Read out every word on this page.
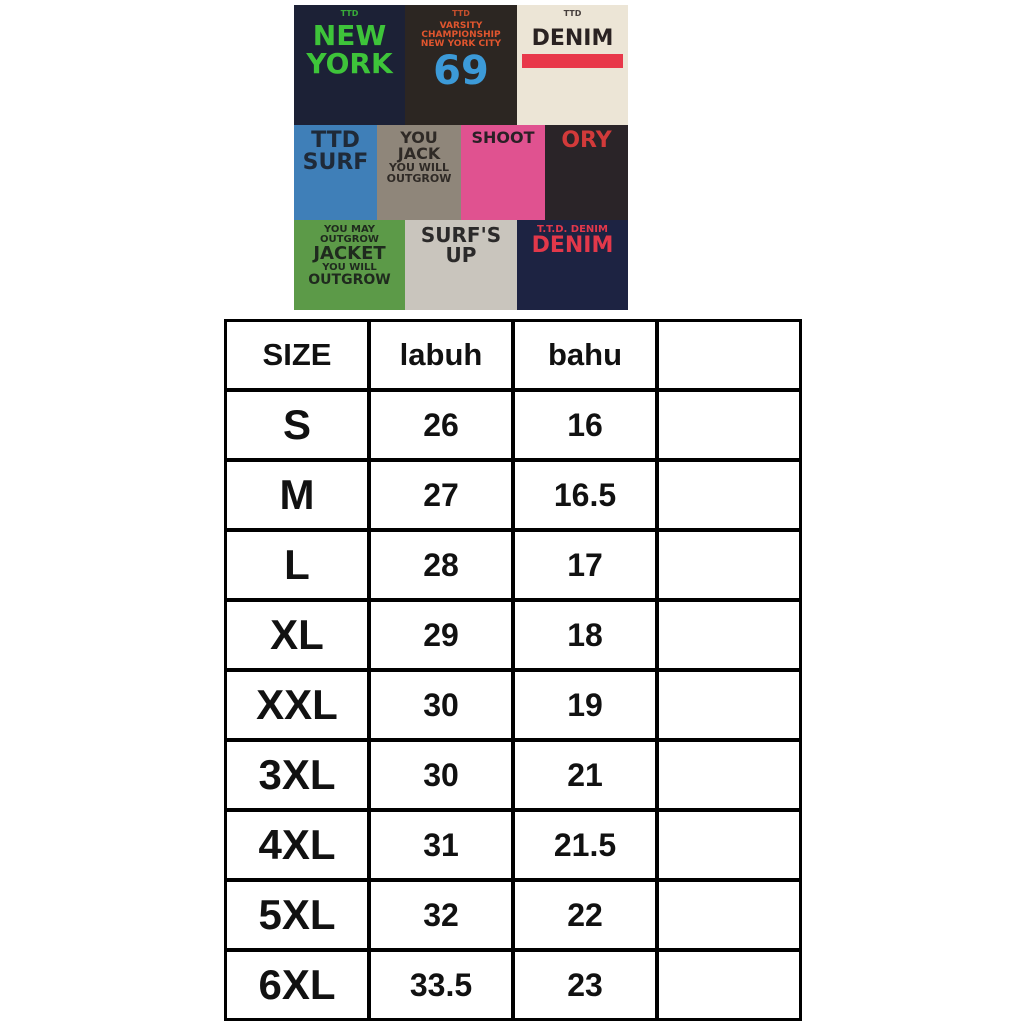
TTD
NEW
YORK
TTD
VARSITY CHAMPIONSHIP
NEW YORK CITY
69
TTD
DENIM
TTD
SURF
YOU
JACK
YOU WILL
OUTGROW
SHOOT	ORY
YOU MAY OUTGROW
JACKET
YOU WILL
OUTGROW
SURF'S
UP
T.T.D. DENIM
DENIM
SIZE	labuh	bahu	
S	26	16	
M	27	16.5	
L	28	17	
XL	29	18	
XXL	30	19	
3XL	30	21	
4XL	31	21.5	
5XL	32	22	
6XL	33.5	23	
